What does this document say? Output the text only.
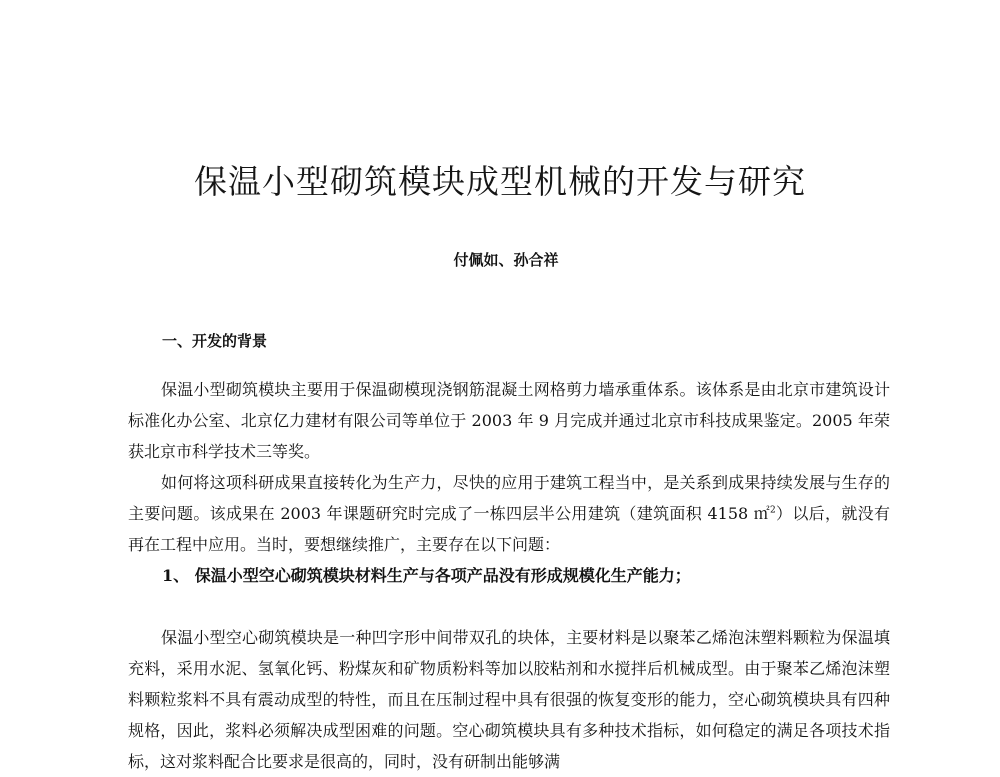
保温小型砌筑模块成型机械的开发与研究
付佩如、孙合祥
一、开发的背景

保温小型砌筑模块主要用于保温砌模现浇钢筋混凝土网格剪力墙承重体系。该体系是由北京市建筑设计标准化办公室、北京亿力建材有限公司等单位于 2003 年 9 月完成并通过北京市科技成果鉴定。2005 年荣获北京市科学技术三等奖。

如何将这项科研成果直接转化为生产力，尽快的应用于建筑工程当中，是关系到成果持续发展与生存的主要问题。该成果在 2003 年课题研究时完成了一栋四层半公用建筑（建筑面积 4158 ㎡$^2$）以后，就没有再在工程中应用。当时，要想继续推广，主要存在以下问题：

1、 保温小型空心砌筑模块材料生产与各项产品没有形成规模化生产能力；

保温小型空心砌筑模块是一种凹字形中间带双孔的块体，主要材料是以聚苯乙烯泡沫塑料颗粒为保温填充料，采用水泥、氢氧化钙、粉煤灰和矿物质粉料等加以胶粘剂和水搅拌后机械成型。由于聚苯乙烯泡沫塑料颗粒浆料不具有震动成型的特性，而且在压制过程中具有很强的恢复变形的能力，空心砌筑模块具有四种规格，因此，浆料必须解决成型困难的问题。空心砌筑模块具有多种技术指标，如何稳定的满足各项技术指标，这对浆料配合比要求是很高的，同时，没有研制出能够满
